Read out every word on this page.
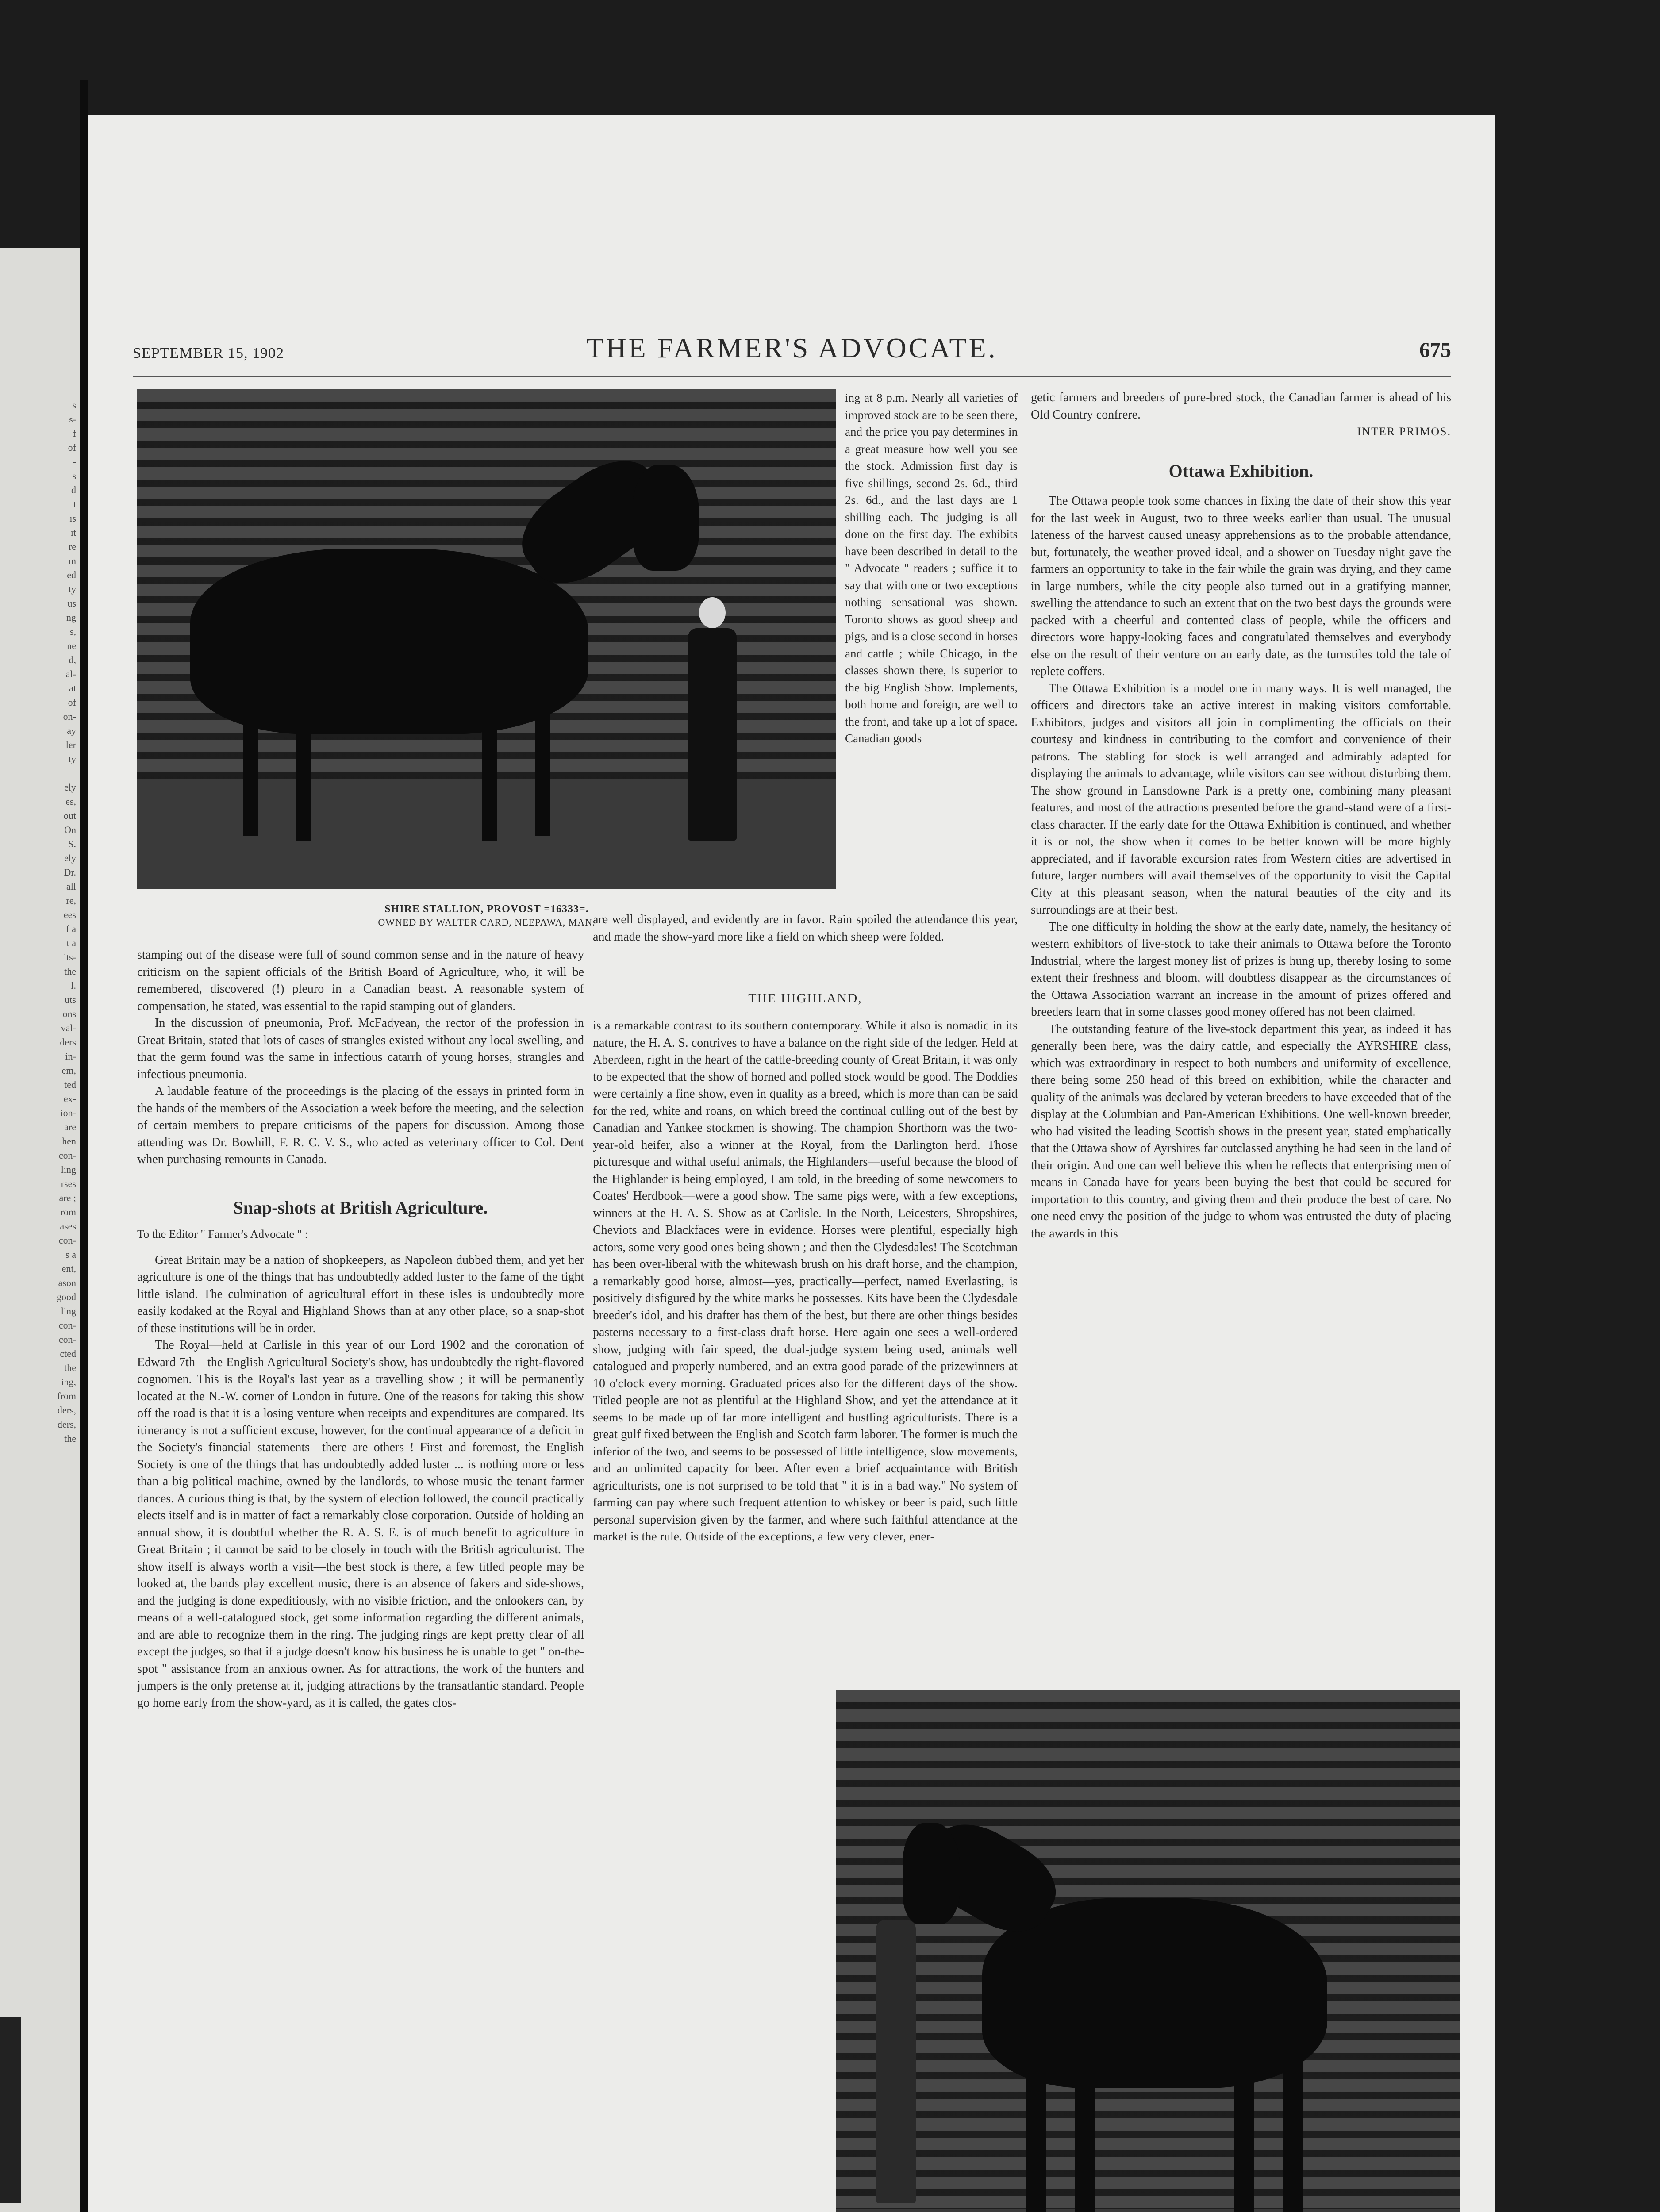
s
s-
f
of
-
s
d
t
ıs
ıt
re
ın
ed
ty
us
ng
s,
ne
d,
al-
at
of
on-
ay
ler
ty

ely
es,
out
On
S.
ely
Dr.
all
re,
ees
f a
t a
its-
the
l.
uts
ons
val-
ders
in-
em,
ted
ex-
ion-
are
hen
con-
ling
rses
are ;
rom
ases
con-
s a
ent,
ason
good
ling
con-
con-
cted
the
ing,
from
ders,
ders,
the
SEPTEMBER 15, 1902	THE FARMER'S ADVOCATE.	675
SHIRE STALLION, PROVOST =16333=.
OWNED BY WALTER CARD, NEEPAWA, MAN.

stamping out of the disease were full of sound common sense and in the nature of heavy criticism on the sapient officials of the British Board of Agriculture, who, it will be remembered, discovered (!) pleuro in a Canadian beast. A reasonable system of compensation, he stated, was essential to the rapid stamping out of glanders.

In the discussion of pneumonia, Prof. McFadyean, the rector of the profession in Great Britain, stated that lots of cases of strangles existed without any local swelling, and that the germ found was the same in infectious catarrh of young horses, strangles and infectious pneumonia.

A laudable feature of the proceedings is the placing of the essays in printed form in the hands of the members of the Association a week before the meeting, and the selection of certain members to prepare criticisms of the papers for discussion. Among those attending was Dr. Bowhill, F. R. C. V. S., who acted as veterinary officer to Col. Dent when purchasing remounts in Canada.

Snap-shots at British Agriculture.
To the Editor " Farmer's Advocate " :

Great Britain may be a nation of shopkeepers, as Napoleon dubbed them, and yet her agriculture is one of the things that has undoubtedly added luster to the fame of the tight little island. The culmination of agricultural effort in these isles is undoubtedly more easily kodaked at the Royal and Highland Shows than at any other place, so a snap-shot of these institutions will be in order.

The Royal—held at Carlisle in this year of our Lord 1902 and the coronation of Edward 7th—the English Agricultural Society's show, has undoubtedly the right-flavored cognomen. This is the Royal's last year as a travelling show ; it will be permanently located at the N.-W. corner of London in future. One of the reasons for taking this show off the road is that it is a losing venture when receipts and expenditures are compared. Its itinerancy is not a sufficient excuse, however, for the continual appearance of a deficit in the Society's financial statements—there are others ! First and foremost, the English Society is one of the things that has undoubtedly added luster ... is nothing more or less than a big political machine, owned by the landlords, to whose music the tenant farmer dances. A curious thing is that, by the system of election followed, the council practically elects itself and is in matter of fact a remarkably close corporation. Outside of holding an annual show, it is doubtful whether the R. A. S. E. is of much benefit to agriculture in Great Britain ; it cannot be said to be closely in touch with the British agriculturist. The show itself is always worth a visit—the best stock is there, a few titled people may be looked at, the bands play excellent music, there is an absence of fakers and side-shows, and the judging is done expeditiously, with no visible friction, and the onlookers can, by means of a well-catalogued stock, get some information regarding the different animals, and are able to recognize them in the ring. The judging rings are kept pretty clear of all except the judges, so that if a judge doesn't know his business he is unable to get " on-the-spot " assistance from an anxious owner. As for attractions, the work of the hunters and jumpers is the only pretense at it, judging attractions by the transatlantic standard. People go home early from the show-yard, as it is called, the gates clos-

ing at 8 p.m. Nearly all varieties of improved stock are to be seen there, and the price you pay determines in a great measure how well you see the stock. Admission first day is five shillings, second 2s. 6d., third 2s. 6d., and the last days are 1 shilling each. The judging is all done on the first day. The exhibits have been described in detail to the " Advocate " readers ; suffice it to say that with one or two exceptions nothing sensational was shown. Toronto shows as good sheep and pigs, and is a close second in horses and cattle ; while Chicago, in the classes shown there, is superior to the big English Show. Implements, both home and foreign, are well to the front, and take up a lot of space. Canadian goods

are well displayed, and evidently are in favor. Rain spoiled the attendance this year, and made the show-yard more like a field on which sheep were folded.

THE HIGHLAND,

is a remarkable contrast to its southern contemporary. While it also is nomadic in its nature, the H. A. S. contrives to have a balance on the right side of the ledger. Held at Aberdeen, right in the heart of the cattle-breeding county of Great Britain, it was only to be expected that the show of horned and polled stock would be good. The Doddies were certainly a fine show, even in quality as a breed, which is more than can be said for the red, white and roans, on which breed the continual culling out of the best by Canadian and Yankee stockmen is showing. The champion Shorthorn was the two-year-old heifer, also a winner at the Royal, from the Darlington herd. Those picturesque and withal useful animals, the Highlanders—useful because the blood of the Highlander is being employed, I am told, in the breeding of some newcomers to Coates' Herdbook—were a good show. The same pigs were, with a few exceptions, winners at the H. A. S. Show as at Carlisle. In the North, Leicesters, Shropshires, Cheviots and Blackfaces were in evidence. Horses were plentiful, especially high actors, some very good ones being shown ; and then the Clydesdales! The Scotchman has been over-liberal with the whitewash brush on his draft horse, and the champion, a remarkably good horse, almost—yes, practically—perfect, named Everlasting, is positively disfigured by the white marks he possesses. Kits have been the Clydesdale breeder's idol, and his drafter has them of the best, but there are other things besides pasterns necessary to a first-class draft horse. Here again one sees a well-ordered show, judging with fair speed, the dual-judge system being used, animals well catalogued and properly numbered, and an extra good parade of the prizewinners at 10 o'clock every morning. Graduated prices also for the different days of the show. Titled people are not as plentiful at the Highland Show, and yet the attendance at it seems to be made up of far more intelligent and hustling agriculturists. There is a great gulf fixed between the English and Scotch farm laborer. The former is much the inferior of the two, and seems to be possessed of little intelligence, slow movements, and an unlimited capacity for beer. After even a brief acquaintance with British agriculturists, one is not surprised to be told that " it is in a bad way." No system of farming can pay where such frequent attention to whiskey or beer is paid, such little personal supervision given by the farmer, and where such faithful attendance at the market is the rule. Outside of the exceptions, a few very clever, ener-

getic farmers and breeders of pure-bred stock, the Canadian farmer is ahead of his Old Country confrere.

INTER PRIMOS.
Ottawa Exhibition.

The Ottawa people took some chances in fixing the date of their show this year for the last week in August, two to three weeks earlier than usual. The unusual lateness of the harvest caused uneasy apprehensions as to the probable attendance, but, fortunately, the weather proved ideal, and a shower on Tuesday night gave the farmers an opportunity to take in the fair while the grain was drying, and they came in large numbers, while the city people also turned out in a gratifying manner, swelling the attendance to such an extent that on the two best days the grounds were packed with a cheerful and contented class of people, while the officers and directors wore happy-looking faces and congratulated themselves and everybody else on the result of their venture on an early date, as the turnstiles told the tale of replete coffers.

The Ottawa Exhibition is a model one in many ways. It is well managed, the officers and directors take an active interest in making visitors comfortable. Exhibitors, judges and visitors all join in complimenting the officials on their courtesy and kindness in contributing to the comfort and convenience of their patrons. The stabling for stock is well arranged and admirably adapted for displaying the animals to advantage, while visitors can see without disturbing them. The show ground in Lansdowne Park is a pretty one, combining many pleasant features, and most of the attractions presented before the grand-stand were of a first-class character. If the early date for the Ottawa Exhibition is continued, and whether it is or not, the show when it comes to be better known will be more highly appreciated, and if favorable excursion rates from Western cities are advertised in future, larger numbers will avail themselves of the opportunity to visit the Capital City at this pleasant season, when the natural beauties of the city and its surroundings are at their best.

The one difficulty in holding the show at the early date, namely, the hesitancy of western exhibitors of live-stock to take their animals to Ottawa before the Toronto Industrial, where the largest money list of prizes is hung up, thereby losing to some extent their freshness and bloom, will doubtless disappear as the circumstances of the Ottawa Association warrant an increase in the amount of prizes offered and breeders learn that in some classes good money offered has not been claimed.

The outstanding feature of the live-stock department this year, as indeed it has generally been here, was the dairy cattle, and especially the AYRSHIRE class, which was extraordinary in respect to both numbers and uniformity of excellence, there being some 250 head of this breed on exhibition, while the character and quality of the animals was declared by veteran breeders to have exceeded that of the display at the Columbian and Pan-American Exhibitions. One well-known breeder, who had visited the leading Scottish shows in the present year, stated emphatically that the Ottawa show of Ayrshires far outclassed anything he had seen in the land of their origin. And one can well believe this when he reflects that enterprising men of means in Canada have for years been buying the best that could be secured for importation to this country, and giving them and their produce the best of care. No one need envy the position of the judge to whom was entrusted the duty of placing the awards in this
